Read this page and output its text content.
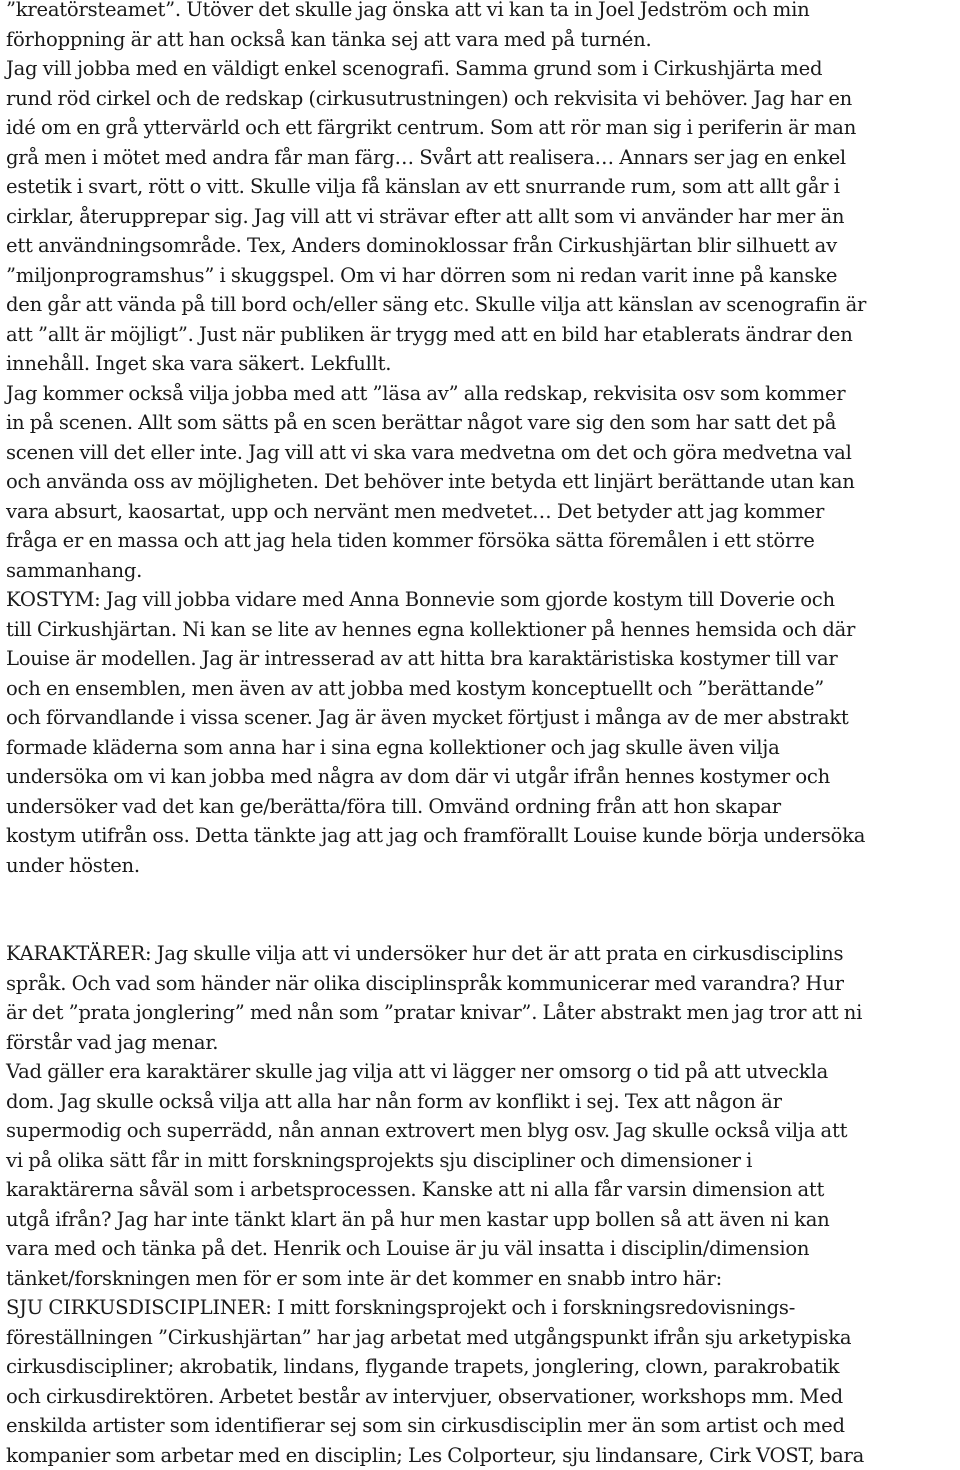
”kreatörsteamet”. Utöver det skulle jag önska att vi kan ta in Joel Jedström och min
förhoppning är att han också kan tänka sej att vara med på turnén.
Jag vill jobba med en väldigt enkel scenografi. Samma grund som i Cirkushjärta med
rund röd cirkel och de redskap (cirkusutrustningen) och rekvisita vi behöver. Jag har en
idé om en grå yttervärld och ett färgrikt centrum. Som att rör man sig i periferin är man
grå men i mötet med andra får man färg… Svårt att realisera… Annars ser jag en enkel
estetik i svart, rött o vitt. Skulle vilja få känslan av ett snurrande rum, som att allt går i
cirklar, återupprepar sig. Jag vill att vi strävar efter att allt som vi använder har mer än
ett användningsområde. Tex, Anders dominoklossar från Cirkushjärtan blir silhuett av
”miljonprogramshus” i skuggspel. Om vi har dörren som ni redan varit inne på kanske
den går att vända på till bord och/eller säng etc. Skulle vilja att känslan av scenografin är
att ”allt är möjligt”. Just när publiken är trygg med att en bild har etablerats ändrar den
innehåll. Inget ska vara säkert. Lekfullt.
Jag kommer också vilja jobba med att ”läsa av” alla redskap, rekvisita osv som kommer
in på scenen. Allt som sätts på en scen berättar något vare sig den som har satt det på
scenen vill det eller inte. Jag vill att vi ska vara medvetna om det och göra medvetna val
och använda oss av möjligheten. Det behöver inte betyda ett linjärt berättande utan kan
vara absurt, kaosartat, upp och nervänt men medvetet… Det betyder att jag kommer
fråga er en massa och att jag hela tiden kommer försöka sätta föremålen i ett större
sammanhang.
KOSTYM: Jag vill jobba vidare med Anna Bonnevie som gjorde kostym till Doverie och
till Cirkushjärtan. Ni kan se lite av hennes egna kollektioner på hennes hemsida och där
Louise är modellen. Jag är intresserad av att hitta bra karaktäristiska kostymer till var
och en ensemblen, men även av att jobba med kostym konceptuellt och ”berättande”
och förvandlande i vissa scener. Jag är även mycket förtjust i många av de mer abstrakt
formade kläderna som anna har i sina egna kollektioner och jag skulle även vilja
undersöka om vi kan jobba med några av dom där vi utgår ifrån hennes kostymer och
undersöker vad det kan ge/berätta/föra till. Omvänd ordning från att hon skapar
kostym utifrån oss. Detta tänkte jag att jag och framförallt Louise kunde börja undersöka
under hösten.
KARAKTÄRER: Jag skulle vilja att vi undersöker hur det är att prata en cirkusdisciplins
språk. Och vad som händer när olika disciplinspråk kommunicerar med varandra? Hur
är det ”prata jonglering” med nån som ”pratar knivar”. Låter abstrakt men jag tror att ni
förstår vad jag menar.
Vad gäller era karaktärer skulle jag vilja att vi lägger ner omsorg o tid på att utveckla
dom. Jag skulle också vilja att alla har nån form av konflikt i sej. Tex att någon är
supermodig och superrädd, nån annan extrovert men blyg osv. Jag skulle också vilja att
vi på olika sätt får in mitt forskningsprojekts sju discipliner och dimensioner i
karaktärerna såväl som i arbetsprocessen. Kanske att ni alla får varsin dimension att
utgå ifrån? Jag har inte tänkt klart än på hur men kastar upp bollen så att även ni kan
vara med och tänka på det. Henrik och Louise är ju väl insatta i disciplin/dimension
tänket/forskningen men för er som inte är det kommer en snabb intro här:
SJU CIRKUSDISCIPLINER: I mitt forskningsprojekt och i forskningsredovisnings-
föreställningen ”Cirkushjärtan” har jag arbetat med utgångspunkt ifrån sju arketypiska
cirkusdiscipliner; akrobatik, lindans, flygande trapets, jonglering, clown, parakrobatik
och cirkusdirektören. Arbetet består av intervjuer, observationer, workshops mm. Med
enskilda artister som identifierar sej som sin cirkusdisciplin mer än som artist och med
kompanier som arbetar med en disciplin; Les Colporteur, sju lindansare, Cirk VOST, bara
